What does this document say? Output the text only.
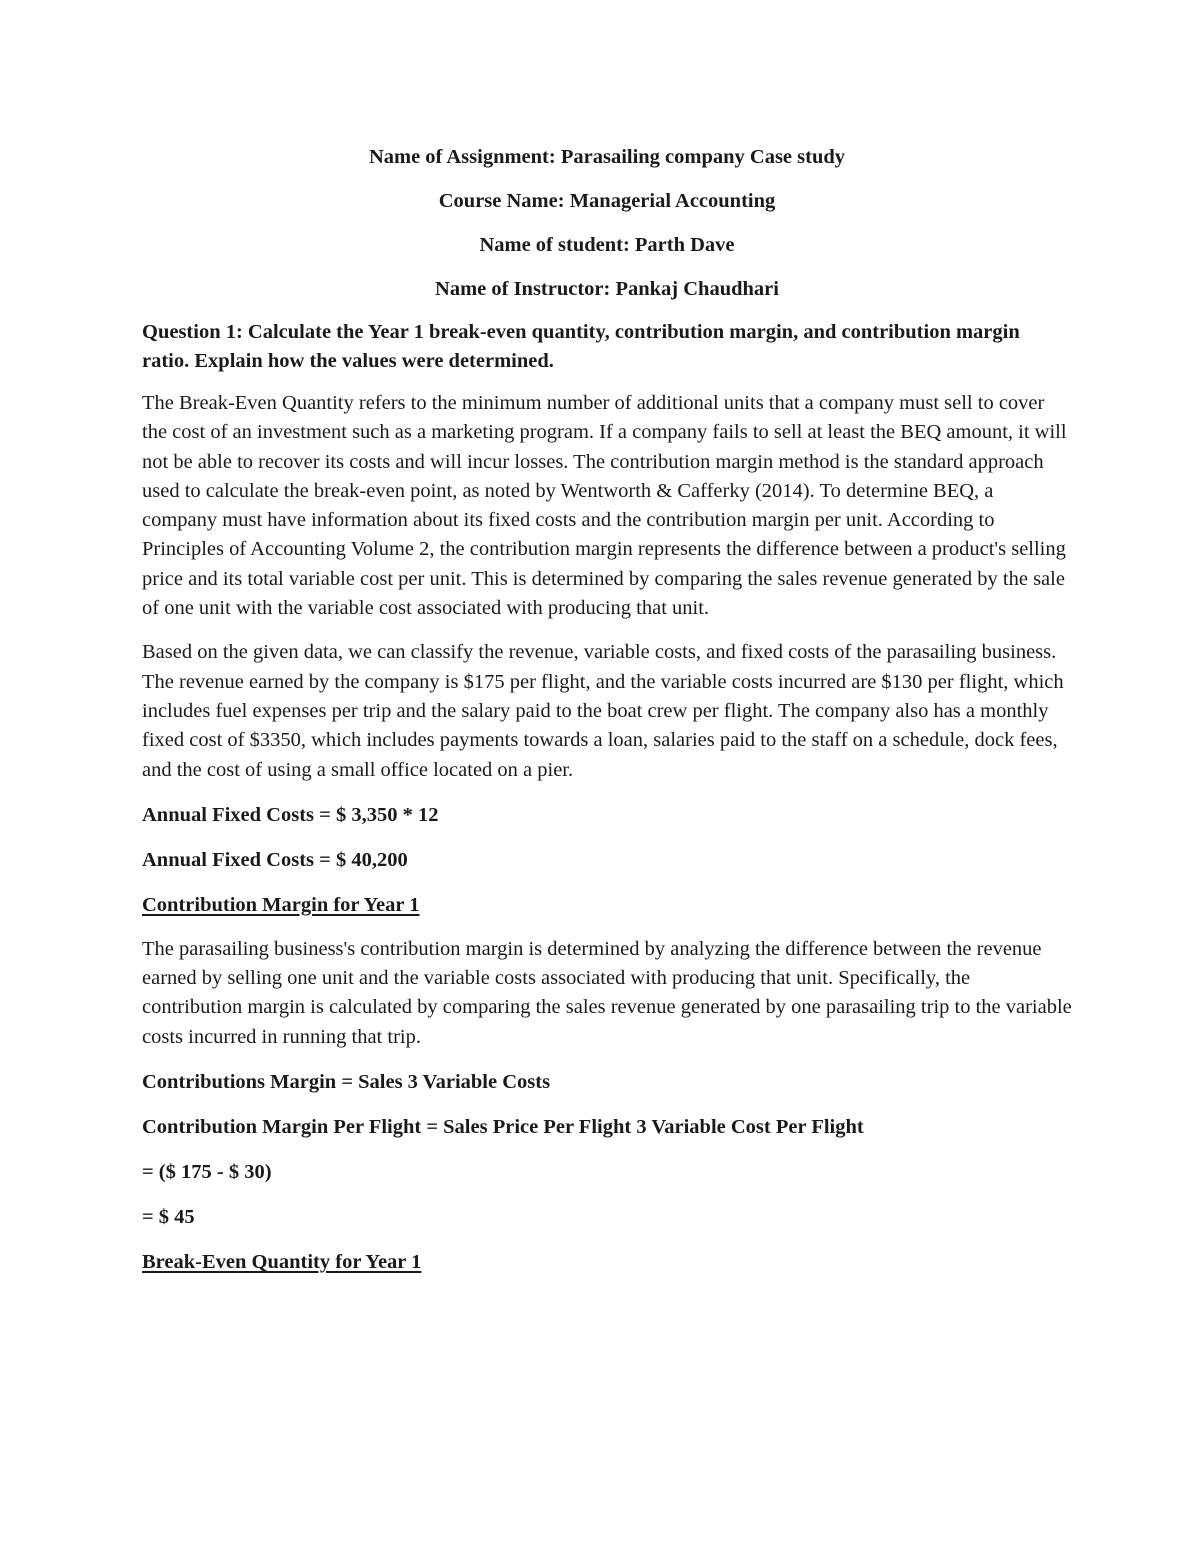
Name of Assignment: Parasailing company Case study
Course Name: Managerial Accounting
Name of student: Parth Dave
Name of Instructor: Pankaj Chaudhari
Question 1: Calculate the Year 1 break-even quantity, contribution margin, and contribution margin ratio. Explain how the values were determined.

The Break-Even Quantity refers to the minimum number of additional units that a company must sell to cover the cost of an investment such as a marketing program. If a company fails to sell at least the BEQ amount, it will not be able to recover its costs and will incur losses. The contribution margin method is the standard approach used to calculate the break-even point, as noted by Wentworth & Cafferky (2014). To determine BEQ, a company must have information about its fixed costs and the contribution margin per unit. According to Principles of Accounting Volume 2, the contribution margin represents the difference between a product's selling price and its total variable cost per unit. This is determined by comparing the sales revenue generated by the sale of one unit with the variable cost associated with producing that unit.

Based on the given data, we can classify the revenue, variable costs, and fixed costs of the parasailing business. The revenue earned by the company is $175 per flight, and the variable costs incurred are $130 per flight, which includes fuel expenses per trip and the salary paid to the boat crew per flight. The company also has a monthly fixed cost of $3350, which includes payments towards a loan, salaries paid to the staff on a schedule, dock fees, and the cost of using a small office located on a pier.

Annual Fixed Costs = $ 3,350 * 12
Annual Fixed Costs = $ 40,200
Contribution Margin for Year 1

The parasailing business's contribution margin is determined by analyzing the difference between the revenue earned by selling one unit and the variable costs associated with producing that unit. Specifically, the contribution margin is calculated by comparing the sales revenue generated by one parasailing trip to the variable costs incurred in running that trip.

Contributions Margin = Sales 3 Variable Costs
Contribution Margin Per Flight = Sales Price Per Flight 3 Variable Cost Per Flight
= ($ 175 - $ 30)
= $ 45
Break-Even Quantity for Year 1
